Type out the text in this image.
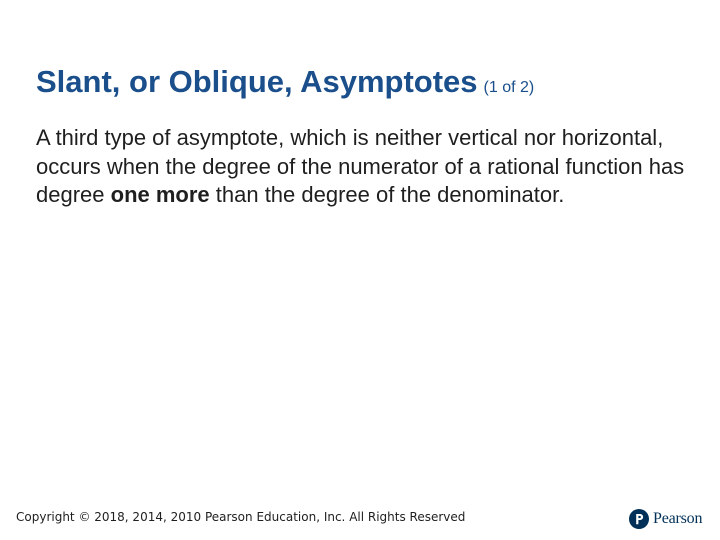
Slant, or Oblique, Asymptotes (1 of 2)

A third type of asymptote, which is neither vertical nor horizontal, occurs when the degree of the numerator of a rational function has degree one more than the degree of the denominator.

Copyright © 2018, 2014, 2010 Pearson Education, Inc. All Rights Reserved	Pearson
